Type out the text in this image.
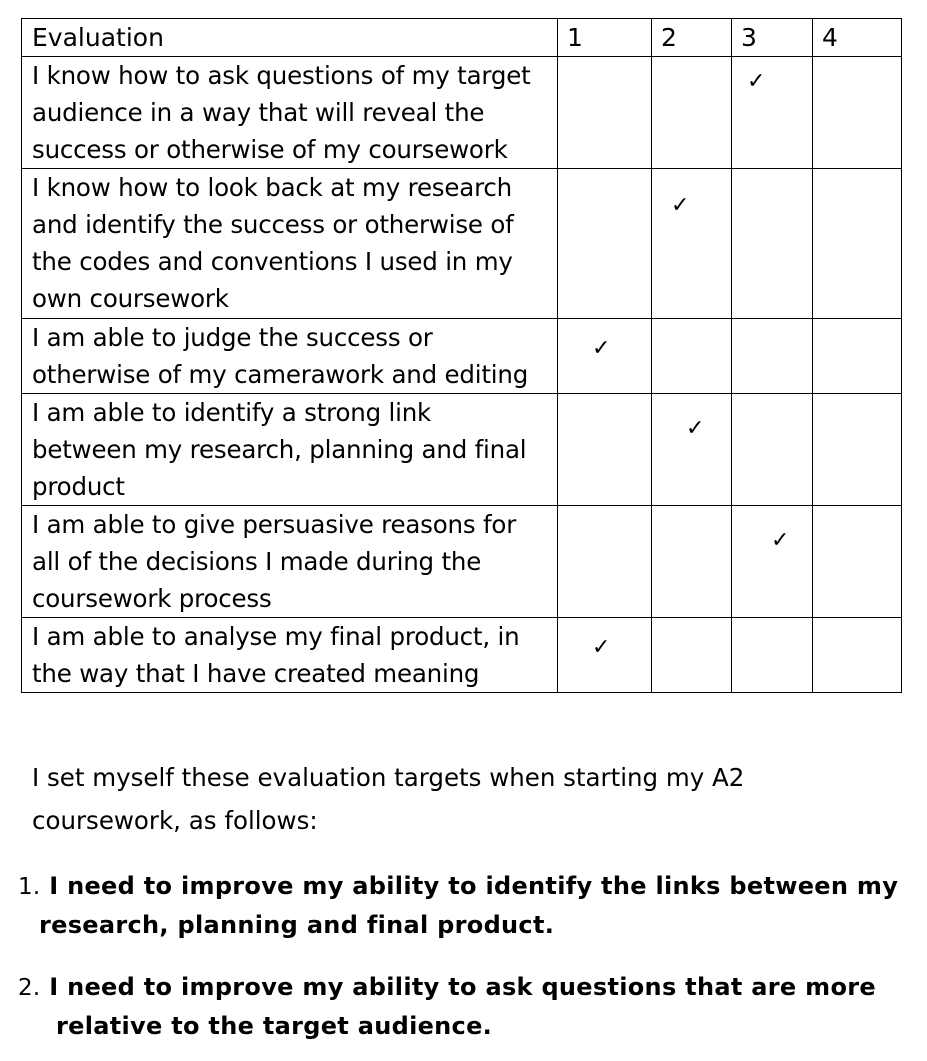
Evaluation	1	2	3	4

I know how to ask questions of my target
audience in a way that will reveal the
success or otherwise of my coursework			✓	

I know how to look back at my research
and identify the success or otherwise of
the codes and conventions I used in my
own coursework		✓		

I am able to judge the success or
otherwise of my camerawork and editing	✓			

I am able to identify a strong link
between my research, planning and final
product		✓		

I am able to give persuasive reasons for
all of the decisions I made during the
coursework process			✓	

I am able to analyse my final product, in
the way that I have created meaning	✓			

I set myself these evaluation targets when starting my A2
coursework, as follows:
1. I need to improve my ability to identify the links between my
research, planning and final product.
2. I need to improve my ability to ask questions that are more
relative to the target audience.
